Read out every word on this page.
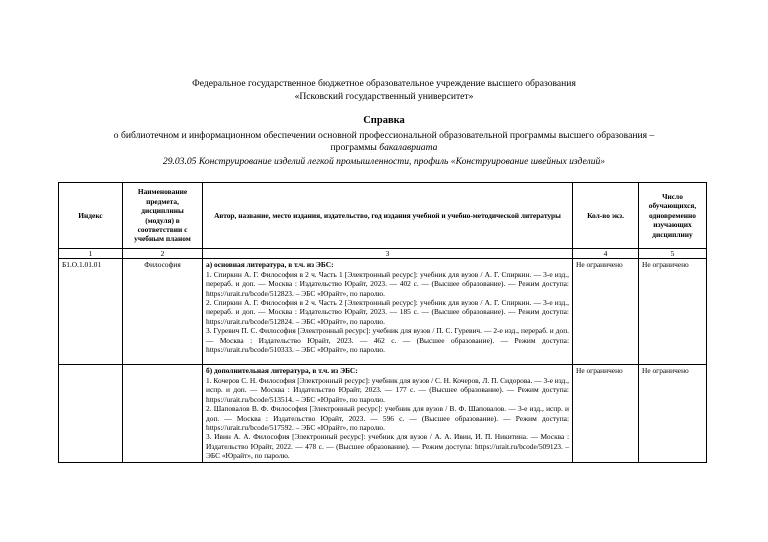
Федеральное государственное бюджетное образовательное учреждение высшего образования
«Псковский государственный университет»
Справка
о библиотечном и информационном обеспечении основной профессиональной образовательной программы высшего образования –
программы бакалавриата
29.03.05 Конструирование изделий легкой промышленности, профиль «Конструирование швейных изделий»
Индекс	Наименование предмета, дисциплины (модуля) в соответствии с учебным планом	Автор, название, место издания, издательство, год издания учебной и учебно-методической литературы	Кол-во экз.	Число обучающихся, одновременно изучающих дисциплину
1	2	3	4	5
Б1.О.1.01.01	Философия	а) основная литература, в т.ч. из ЭБС:
1. Спиркин А. Г. Философия в 2 ч. Часть 1 [Электронный ресурс]: учебник для вузов / А. Г. Спиркин. — 3-е изд., перераб. и доп. — Москва : Издательство Юрайт, 2023. — 402 с. — (Высшее образование). — Режим доступа: https://urait.ru/bcode/512823. – ЭБС «Юрайт», по паролю.
2. Спиркин А. Г. Философия в 2 ч. Часть 2 [Электронный ресурс]: учебник для вузов / А. Г. Спиркин. — 3-е изд., перераб. и доп. — Москва : Издательство Юрайт, 2023. — 185 с. — (Высшее образование). — Режим доступа: https://urait.ru/bcode/512824. – ЭБС «Юрайт», по паролю.
3. Гуревич П. С. Философия [Электронный ресурс]: учебник для вузов / П. С. Гуревич. — 2-е изд., перераб. и доп. — Москва : Издательство Юрайт, 2023. — 462 с. — (Высшее образование). — Режим доступа: https://urait.ru/bcode/510333. – ЭБС «Юрайт», по паролю.	Не ограничено	Не ограничено

		б) дополнительная литература, в т.ч. из ЭБС:
1. Кочеров С. Н. Философия [Электронный ресурс]: учебник для вузов / С. Н. Кочеров, Л. П. Сидорова. — 3-е изд., испр. и доп. — Москва : Издательство Юрайт, 2023. — 177 с. — (Высшее образование). — Режим доступа: https://urait.ru/bcode/513514. – ЭБС «Юрайт», по паролю.
2. Шаповалов В. Ф. Философия [Электронный ресурс]: учебник для вузов / В. Ф. Шаповалов. — 3-е изд., испр. и доп. — Москва : Издательство Юрайт, 2023. — 596 с. — (Высшее образование). — Режим доступа: https://urait.ru/bcode/517592. – ЭБС «Юрайт», по паролю.
3. Ивин А. А. Философия [Электронный ресурс]: учебник для вузов / А. А. Ивин, И. П. Никитина. — Москва : Издательство Юрайт, 2022. — 478 с. — (Высшее образование). — Режим доступа: https://urait.ru/bcode/509123. – ЭБС «Юрайт», по паролю.	Не ограничено	Не ограничено
